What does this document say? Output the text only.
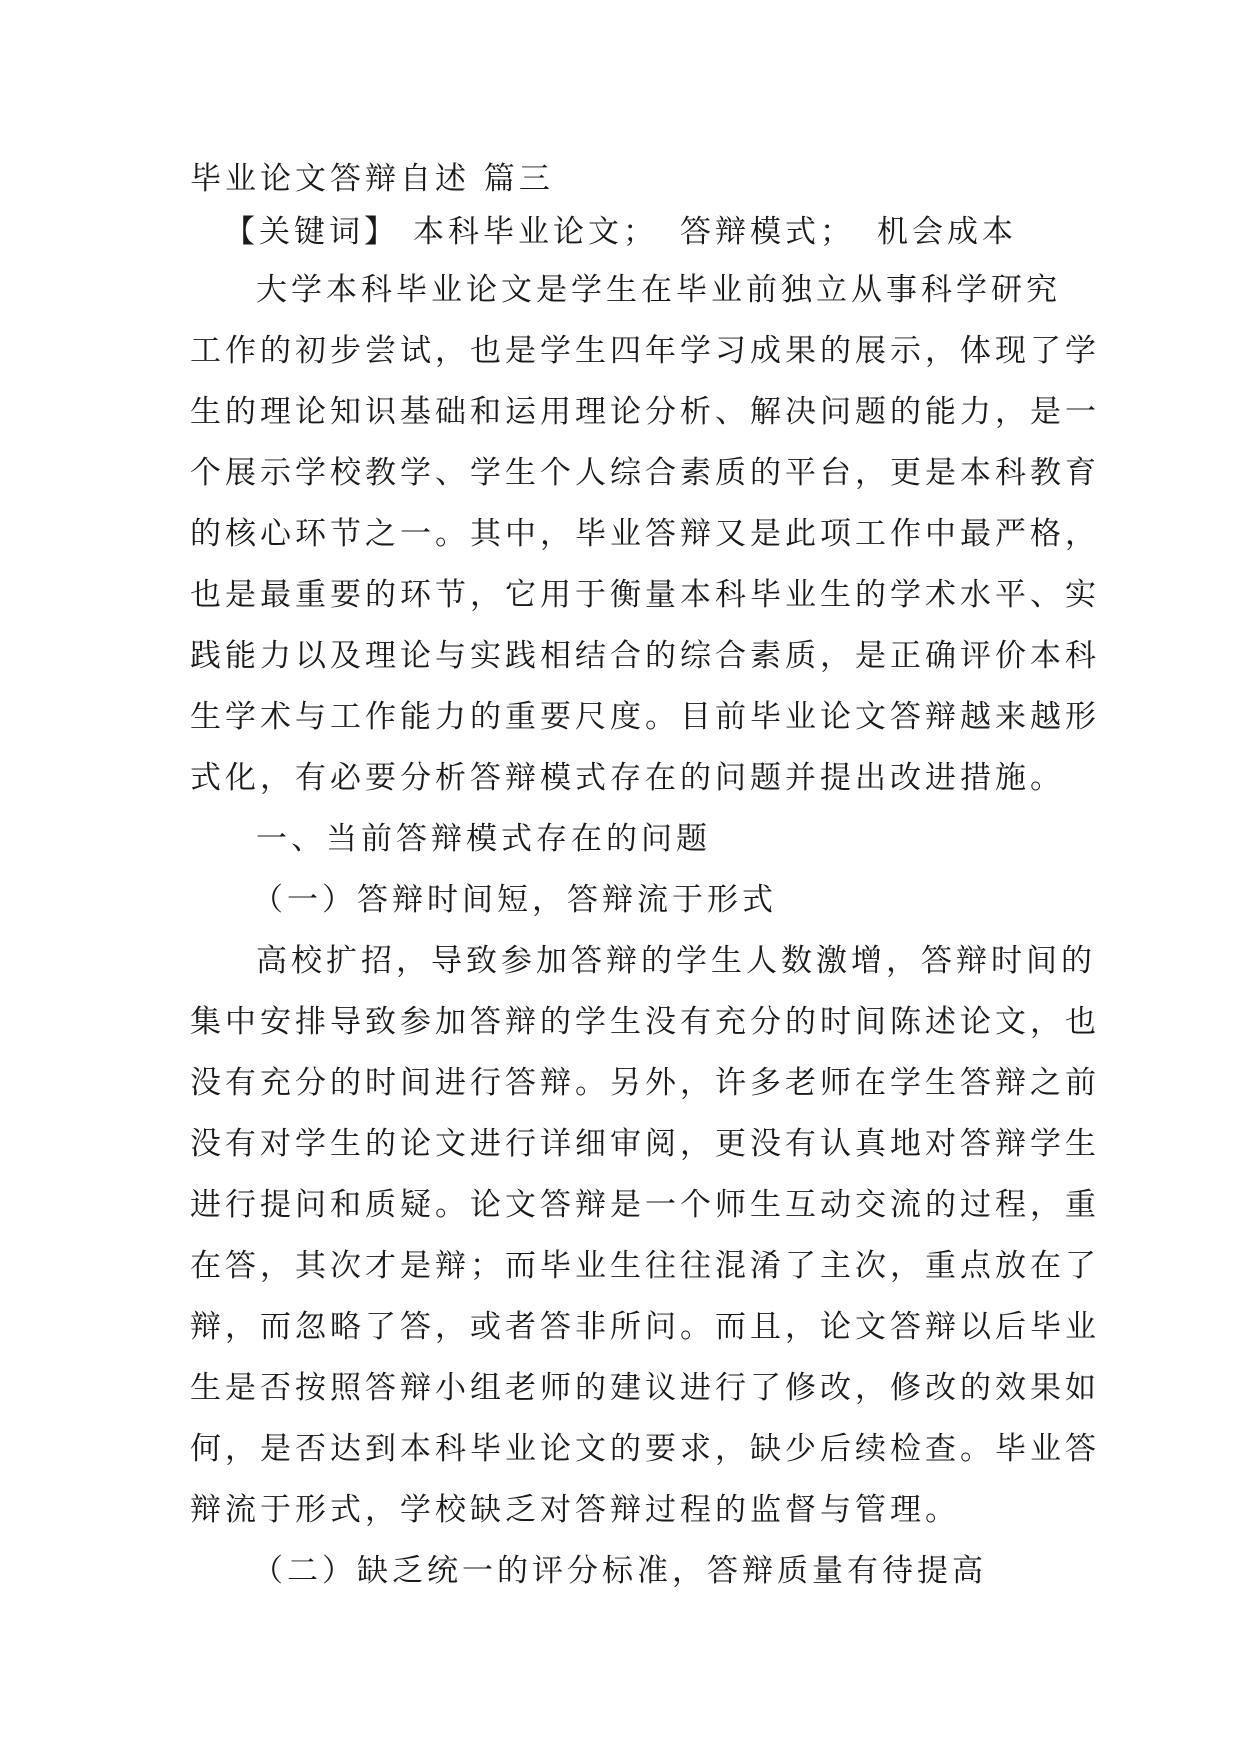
毕业论文答辩自述 篇三

【关键词】 本科毕业论文； 答辩模式； 机会成本

大学本科毕业论文是学生在毕业前独立从事科学研究

工作的初步尝试，也是学生四年学习成果的展示，体现了学

生的理论知识基础和运用理论分析、解决问题的能力，是一

个展示学校教学、学生个人综合素质的平台，更是本科教育

的核心环节之一。其中，毕业答辩又是此项工作中最严格，

也是最重要的环节，它用于衡量本科毕业生的学术水平、实

践能力以及理论与实践相结合的综合素质，是正确评价本科

生学术与工作能力的重要尺度。目前毕业论文答辩越来越形

式化，有必要分析答辩模式存在的问题并提出改进措施。

一、当前答辩模式存在的问题

（一）答辩时间短，答辩流于形式

高校扩招，导致参加答辩的学生人数激增，答辩时间的

集中安排导致参加答辩的学生没有充分的时间陈述论文，也

没有充分的时间进行答辩。另外，许多老师在学生答辩之前

没有对学生的论文进行详细审阅，更没有认真地对答辩学生

进行提问和质疑。论文答辩是一个师生互动交流的过程，重

在答，其次才是辩；而毕业生往往混淆了主次，重点放在了

辩，而忽略了答，或者答非所问。而且，论文答辩以后毕业

生是否按照答辩小组老师的建议进行了修改，修改的效果如

何，是否达到本科毕业论文的要求，缺少后续检查。毕业答

辩流于形式，学校缺乏对答辩过程的监督与管理。

（二）缺乏统一的评分标准，答辩质量有待提高
